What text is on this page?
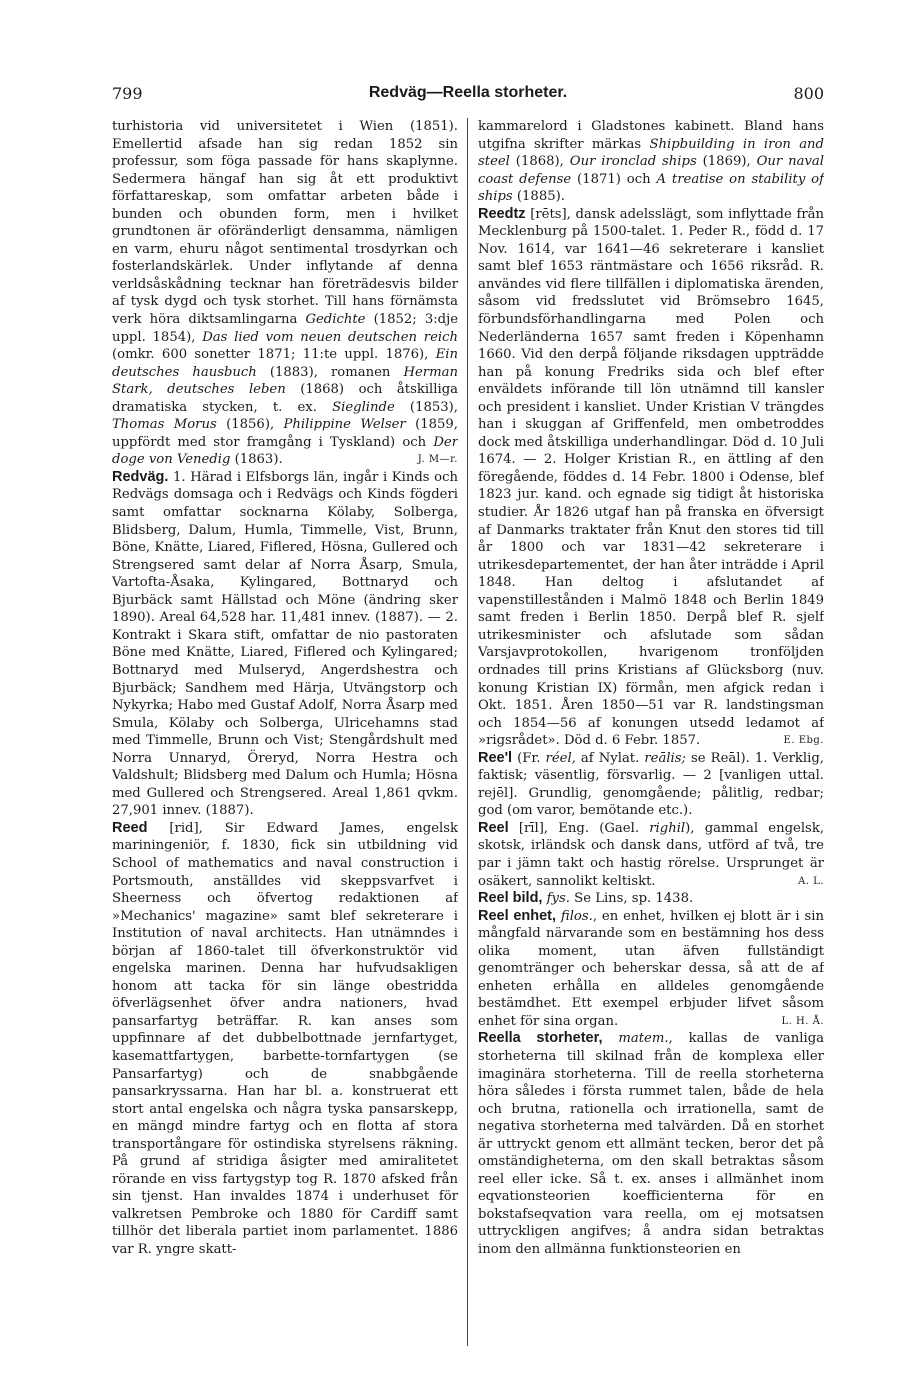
799	Redväg—Reella storheter.	800

turhistoria vid universitetet i Wien (1851). Emellertid afsade han sig redan 1852 sin professur, som föga passade för hans skaplynne. Sedermera hängaf han sig åt ett produktivt författareskap, som omfattar arbeten både i bunden och obunden form, men i hvilket grundtonen är oföränderligt densamma, nämligen en varm, ehuru något sentimental trosdyrkan och fosterlandskärlek. Under inflytande af denna verldsåskådning tecknar han företrädesvis bilder af tysk dygd och tysk storhet. Till hans förnämsta verk höra diktsamlingarna Gedichte (1852; 3:dje uppl. 1854), Das lied vom neuen deutschen reich (omkr. 600 sonetter 1871; 11:te uppl. 1876), Ein deutsches hausbuch (1883), romanen Herman Stark, deutsches leben (1868) och åtskilliga dramatiska stycken, t. ex. Sieglinde (1853), Thomas Morus (1856), Philippine Welser (1859, uppfördt med stor framgång i Tyskland) och Der doge von Venedig (1863).	J. M—r.

Redväg. 1. Härad i Elfsborgs län, ingår i Kinds och Redvägs domsaga och i Redvägs och Kinds fögderi samt omfattar socknarna Kölaby, Solberga, Blidsberg, Dalum, Humla, Timmelle, Vist, Brunn, Böne, Knätte, Liared, Fiflered, Hösna, Gullered och Strengsered samt delar af Norra Åsarp, Smula, Vartofta-Åsaka, Kylingared, Bottnaryd och Bjurbäck samt Hällstad och Möne (ändring sker 1890). Areal 64,528 har. 11,481 innev. (1887). — 2. Kontrakt i Skara stift, omfattar de nio pastoraten Böne med Knätte, Liared, Fiflered och Kylingared; Bottnaryd med Mulseryd, Angerdshestra och Bjurbäck; Sandhem med Härja, Utvängstorp och Nykyrka; Habo med Gustaf Adolf, Norra Åsarp med Smula, Kölaby och Solberga, Ulricehamns stad med Timmelle, Brunn och Vist; Stengårdshult med Norra Unnaryd, Öreryd, Norra Hestra och Valdshult; Blidsberg med Dalum och Humla; Hösna med Gullered och Strengsered. Areal 1,861 qvkm. 27,901 innev. (1887).

Reed [rid], Sir Edward James, engelsk mariningeniör, f. 1830, fick sin utbildning vid School of mathematics and naval construction i Portsmouth, anställdes vid skeppsvarfvet i Sheerness och öfvertog redaktionen af »Mechanics' magazine» samt blef sekreterare i Institution of naval architects. Han utnämndes i början af 1860-talet till öfverkonstruktör vid engelska marinen. Denna har hufvudsakligen honom att tacka för sin länge obestridda öfverlägsenhet öfver andra nationers, hvad pansarfartyg beträffar. R. kan anses som uppfinnare af det dubbelbottnade jernfartyget, kasemattfartygen, barbette-tornfartygen (se Pansarfartyg) och de snabbgående pansarkryssarna. Han har bl. a. konstruerat ett stort antal engelska och några tyska pansarskepp, en mängd mindre fartyg och en flotta af stora transportångare för ostindiska styrelsens räkning. På grund af stridiga åsigter med amiralitetet rörande en viss fartygstyp tog R. 1870 afsked från sin tjenst. Han invaldes 1874 i underhuset för valkretsen Pembroke och 1880 för Cardiff samt tillhör det liberala partiet inom parlamentet. 1886 var R. yngre skatt-

kammarelord i Gladstones kabinett. Bland hans utgifna skrifter märkas Shipbuilding in iron and steel (1868), Our ironclad ships (1869), Our naval coast defense (1871) och A treatise on stability of ships (1885).

Reedtz [rēts], dansk adelsslägt, som inflyttade från Mecklenburg på 1500-talet. 1. Peder R., född d. 17 Nov. 1614, var 1641—46 sekreterare i kansliet samt blef 1653 räntmästare och 1656 riksråd. R. användes vid flere tillfällen i diplomatiska ärenden, såsom vid fredsslutet vid Brömsebro 1645, förbundsförhandlingarna med Polen och Nederländerna 1657 samt freden i Köpenhamn 1660. Vid den derpå följande riksdagen uppträdde han på konung Fredriks sida och blef efter enväldets införande till lön utnämnd till kansler och president i kansliet. Under Kristian V trängdes han i skuggan af Griffenfeld, men ombetroddes dock med åtskilliga underhandlingar. Död d. 10 Juli 1674. — 2. Holger Kristian R., en ättling af den föregående, föddes d. 14 Febr. 1800 i Odense, blef 1823 jur. kand. och egnade sig tidigt åt historiska studier. År 1826 utgaf han på franska en öfversigt af Danmarks traktater från Knut den stores tid till år 1800 och var 1831—42 sekreterare i utrikesdepartementet, der han åter inträdde i April 1848. Han deltog i afslutandet af vapenstillestånden i Malmö 1848 och Berlin 1849 samt freden i Berlin 1850. Derpå blef R. sjelf utrikesminister och afslutade som sådan Varsjavprotokollen, hvarigenom tronföljden ordnades till prins Kristians af Glücksborg (nuv. konung Kristian IX) förmån, men afgick redan i Okt. 1851. Åren 1850—51 var R. landstingsman och 1854—56 af konungen utsedd ledamot af »rigsrådet». Död d. 6 Febr. 1857.	E. Ebg.

Ree'l (Fr. réel, af Nylat. reālis; se Reāl). 1. Verklig, faktisk; väsentlig, försvarlig. — 2 [vanligen uttal. rejēl]. Grundlig, genomgående; pålitlig, redbar; god (om varor, bemötande etc.).

Reel [rīl], Eng. (Gael. righil), gammal engelsk, skotsk, irländsk och dansk dans, utförd af två, tre par i jämn takt och hastig rörelse. Ursprunget är osäkert, sannolikt keltiskt.	A. L.

Reel bild, fys. Se Lins, sp. 1438.

Reel enhet, filos., en enhet, hvilken ej blott är i sin mångfald närvarande som en bestämning hos dess olika moment, utan äfven fullständigt genomtränger och beherskar dessa, så att de af enheten erhålla en alldeles genomgående bestämdhet. Ett exempel erbjuder lifvet såsom enhet för sina organ.	L. H. Å.

Reella storheter, matem., kallas de vanliga storheterna till skilnad från de komplexa eller imaginära storheterna. Till de reella storheterna höra således i första rummet talen, både de hela och brutna, rationella och irrationella, samt de negativa storheterna med talvärden. Då en storhet är uttryckt genom ett allmänt tecken, beror det på omständigheterna, om den skall betraktas såsom reel eller icke. Så t. ex. anses i allmänhet inom eqvationsteorien koefficienterna för en bokstafseqvation vara reella, om ej motsatsen uttryckligen angifves; å andra sidan betraktas inom den allmänna funktionsteorien en
